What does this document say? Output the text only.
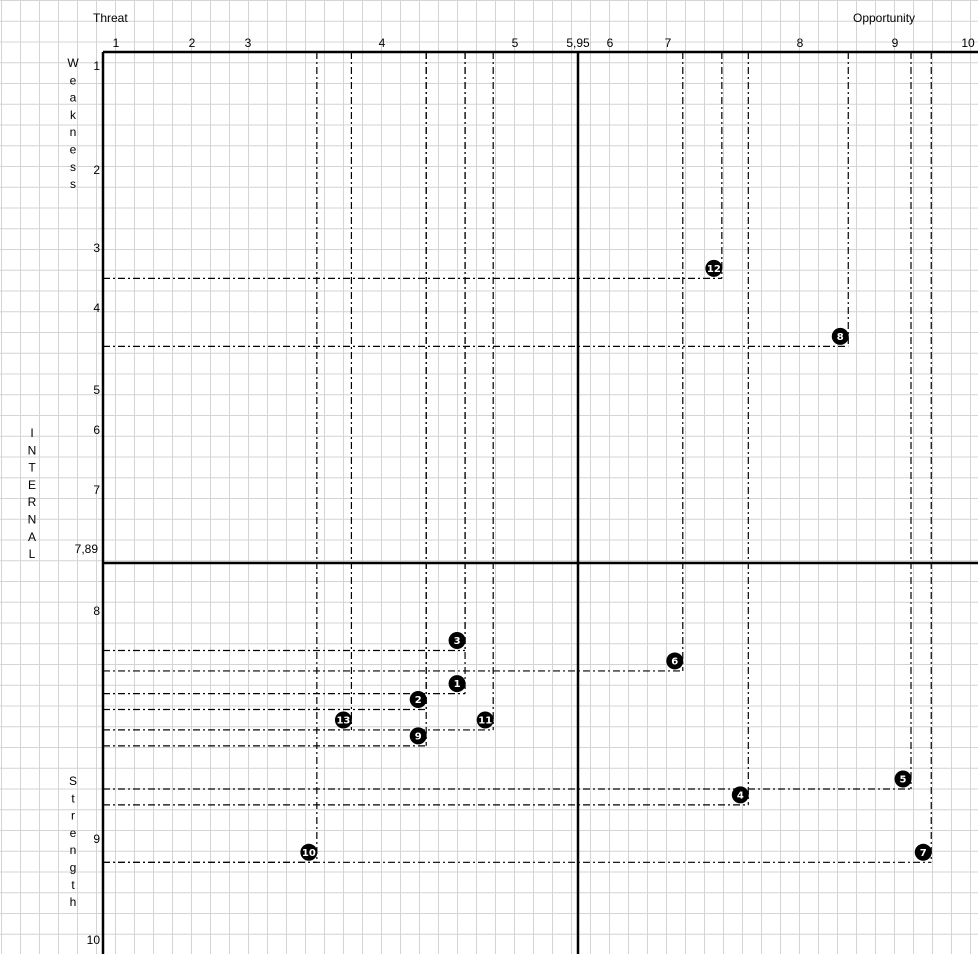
Threat	Opportunity
1	2	3	4	5	5,95 6	7	8	9	10
1
2
3
4
5
6
7
7,89
8
9
10
W
e
a
k
n
e
s
s
I
N
T
E
R
N
A
L
S
t
r
e
n
g
t
h
1
2
3
4
5
6
7
8
9
10
11
12
13
